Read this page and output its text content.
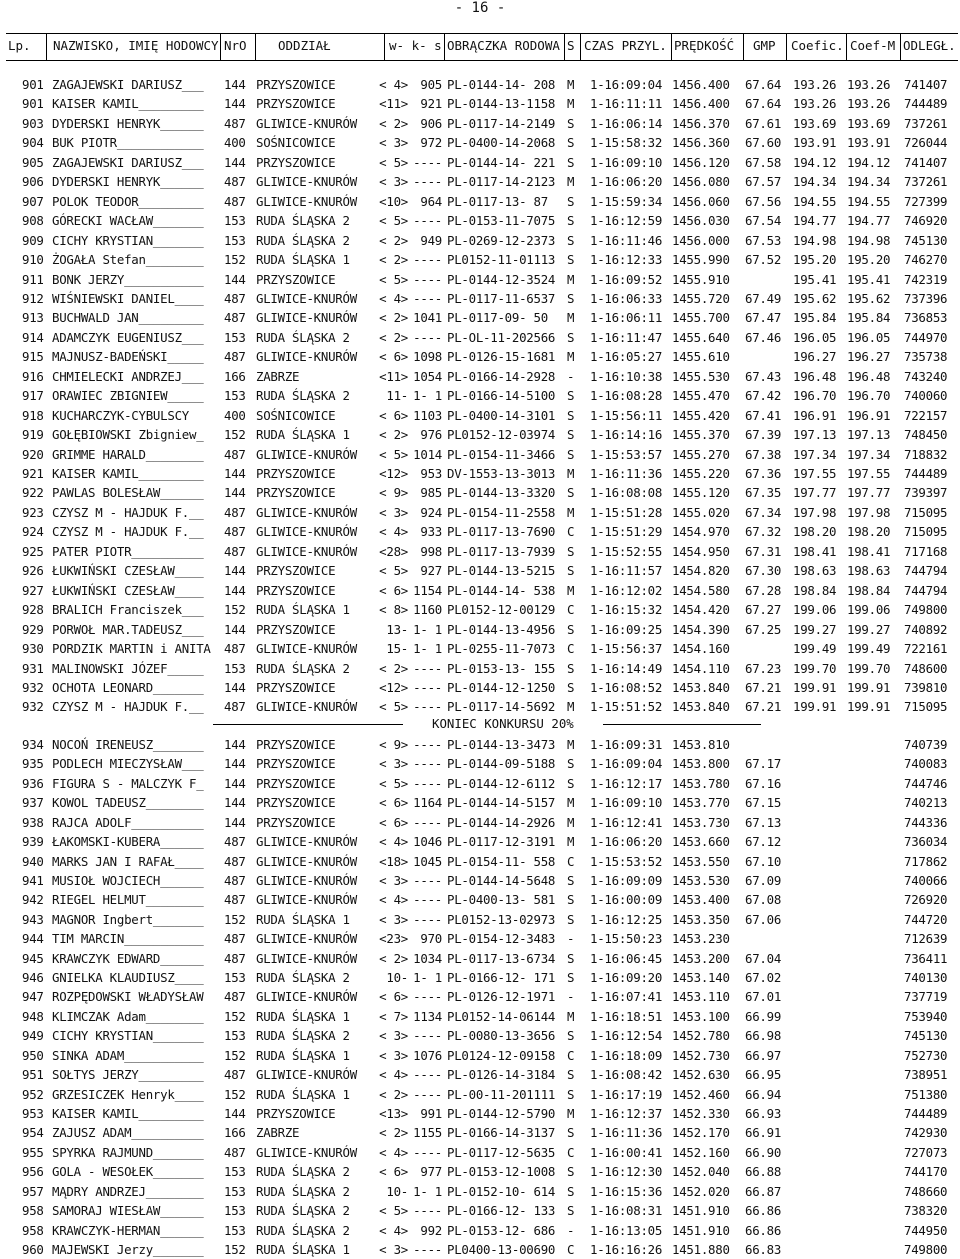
- 16 -
Lp. NAZWISKO, IMIĘ HODOWCY NrO	ODDZIAŁ	w- k- s OBRĄCZKA RODOWA S CZAS PRZYL. PRĘDKOŚĆ GMP Coefic. Coef-M ODLEGŁ.
901 ZAGAJEWSKI DARIUSZ___	144 PRZYSZOWICE	< 4> 905 PL-0144-14- 208 M	1-16:09:04 1456.400	67.64 193.26 193.26	741407
901 KAISER KAMIL_________	144 PRZYSZOWICE	<11> 921 PL-0144-13-1158 M	1-16:11:11 1456.400	67.64 193.26 193.26	744489
903 DYDERSKI HENRYK______	487 GLIWICE-KNURÓW	< 2> 906 PL-0117-14-2149 S	1-16:06:14 1456.370	67.61 193.69 193.69	737261
904 BUK PIOTR____________	400 SOŚNICOWICE	< 3> 972 PL-0400-14-2068 S	1-15:58:32 1456.360	67.60 193.91 193.91	726044
905 ZAGAJEWSKI DARIUSZ___	144 PRZYSZOWICE	< 5> ---- PL-0144-14- 221 S	1-16:09:10 1456.120	67.58 194.12 194.12	741407
906 DYDERSKI HENRYK______	487 GLIWICE-KNURÓW	< 3> ---- PL-0117-14-2123 M	1-16:06:20 1456.080	67.57 194.34 194.34	737261
907 POLOK TEODOR_________	487 GLIWICE-KNURÓW	<10> 964 PL-0117-13- 87	S	1-15:59:34 1456.060	67.56 194.55 194.55	727399
908 GÓRECKI WACŁAW_______	153 RUDA ŚLĄSKA 2	< 5> ---- PL-0153-11-7075 S	1-16:12:59 1456.030	67.54 194.77 194.77	746920
909 CICHY KRYSTIAN_______	153 RUDA ŚLĄSKA 2	< 2> 949 PL-0269-12-2373 S	1-16:11:46 1456.000	67.53 194.98 194.98	745130
910 ŻOGAŁA Stefan________	152 RUDA ŚLĄSKA 1	< 2> ---- PL0152-11-01113 S	1-16:12:33 1455.990	67.52 195.20 195.20	746270
911 BONK JERZY___________	144 PRZYSZOWICE	< 5> ---- PL-0144-12-3524 M	1-16:09:52 1455.910	195.41 195.41	742319
912 WIŚNIEWSKI DANIEL____	487 GLIWICE-KNURÓW	< 4> ---- PL-0117-11-6537 S	1-16:06:33 1455.720	67.49 195.62 195.62	737396
913 BUCHWALD JAN_________	487 GLIWICE-KNURÓW	< 2> 1041 PL-0117-09- 50	M	1-16:06:11 1455.700	67.47 195.84 195.84	736853
914 ADAMCZYK EUGENIUSZ___	153 RUDA ŚLĄSKA 2	< 2> ---- PL-OL-11-202566 S	1-16:11:47 1455.640	67.46 196.05 196.05	744970
915 MAJNUSZ-BADEŃSKI_____	487 GLIWICE-KNURÓW	< 6> 1098 PL-0126-15-1681 M	1-16:05:27 1455.610	196.27 196.27	735738
916 CHMIELECKI ANDRZEJ___	166 ZABRZE	<11> 1054 PL-0166-14-2928 -	1-16:10:38 1455.530	67.43 196.48 196.48	743240
917 ORAWIEC ZBIGNIEW_____	153 RUDA ŚLĄSKA 2	11- 1- 1 PL-0166-14-5100 S	1-16:08:28 1455.470	67.42 196.70 196.70	740060
918 KUCHARCZYK-CYBULSCY	400 SOŚNICOWICE	< 6> 1103 PL-0400-14-3101 S	1-15:56:11 1455.420	67.41 196.91 196.91	722157
919 GOŁĘBIOWSKI Zbigniew_	152 RUDA ŚLĄSKA 1	< 2> 976 PL0152-12-03974 S	1-16:14:16 1455.370	67.39 197.13 197.13	748450
920 GRIMME HARALD________	487 GLIWICE-KNURÓW	< 5> 1014 PL-0154-11-3466 S	1-15:53:57 1455.270	67.38 197.34 197.34	718832
921 KAISER KAMIL_________	144 PRZYSZOWICE	<12> 953 DV-1553-13-3013 M	1-16:11:36 1455.220	67.36 197.55 197.55	744489
922 PAWLAS BOLESŁAW______	144 PRZYSZOWICE	< 9> 985 PL-0144-13-3320 S	1-16:08:08 1455.120	67.35 197.77 197.77	739397
923 CZYSZ M - HAJDUK F.__	487 GLIWICE-KNURÓW	< 3> 924 PL-0154-11-2558 M	1-15:51:28 1455.020	67.34 197.98 197.98	715095
924 CZYSZ M - HAJDUK F.__	487 GLIWICE-KNURÓW	< 4> 933 PL-0117-13-7690 C	1-15:51:29 1454.970	67.32 198.20 198.20	715095
925 PATER PIOTR__________	487 GLIWICE-KNURÓW	<28> 998 PL-0117-13-7939 S	1-15:52:55 1454.950	67.31 198.41 198.41	717168
926 ŁUKWIŃSKI CZESŁAW____	144 PRZYSZOWICE	< 5> 927 PL-0144-13-5215 S	1-16:11:57 1454.820	67.30 198.63 198.63	744794
927 ŁUKWIŃSKI CZESŁAW____	144 PRZYSZOWICE	< 6> 1154 PL-0144-14- 538 M	1-16:12:02 1454.580	67.28 198.84 198.84	744794
928 BRALICH Franciszek___	152 RUDA ŚLĄSKA 1	< 8> 1160 PL0152-12-00129 C	1-16:15:32 1454.420	67.27 199.06 199.06	749800
929 PORWOŁ MAR.TADEUSZ___	144 PRZYSZOWICE	13- 1- 1 PL-0144-13-4956 S	1-16:09:25 1454.390	67.25 199.27 199.27	740892
930 PORDZIK MARTIN i ANITA	487 GLIWICE-KNURÓW	15- 1- 1 PL-0255-11-7073 C	1-15:56:37 1454.160	199.49 199.49	722161
931 MALINOWSKI JÓZEF_____	153 RUDA ŚLĄSKA 2	< 2> ---- PL-0153-13- 155 S	1-16:14:49 1454.110	67.23 199.70 199.70	748600
932 OCHOTA LEONARD_______	144 PRZYSZOWICE	<12> ---- PL-0144-12-1250 S	1-16:08:52 1453.840	67.21 199.91 199.91	739810
932 CZYSZ M - HAJDUK F.__	487 GLIWICE-KNURÓW	< 5> ---- PL-0117-14-5692 M	1-15:51:52 1453.840	67.21 199.91 199.91	715095
KONIEC KONKURSU 20%
934 NOCOŃ IRENEUSZ_______	144 PRZYSZOWICE	< 9> ---- PL-0144-13-3473 M	1-16:09:31 1453.810	740739
935 PODLECH MIECZYSŁAW___	144 PRZYSZOWICE	< 3> ---- PL-0144-09-5188 S	1-16:09:04 1453.800	67.17	740083
936 FIGURA S - MALCZYK F_	144 PRZYSZOWICE	< 5> ---- PL-0144-12-6112 S	1-16:12:17 1453.780	67.16	744746
937 KOWOL TADEUSZ________	144 PRZYSZOWICE	< 6> 1164 PL-0144-14-5157 M	1-16:09:10 1453.770	67.15	740213
938 RAJCA ADOLF__________	144 PRZYSZOWICE	< 6> ---- PL-0144-14-2926 M	1-16:12:41 1453.730	67.13	744336
939 ŁAKOMSKI-KUBERA______	487 GLIWICE-KNURÓW	< 4> 1046 PL-0117-12-3191 M	1-16:06:20 1453.660	67.12	736034
940 MARKS JAN I RAFAŁ____	487 GLIWICE-KNURÓW	<18> 1045 PL-0154-11- 558 C	1-15:53:52 1453.550	67.10	717862
941 MUSIOŁ WOJCIECH______	487 GLIWICE-KNURÓW	< 3> ---- PL-0144-14-5648 S	1-16:09:09 1453.530	67.09	740066
942 RIEGEL HELMUT________	487 GLIWICE-KNURÓW	< 4> ---- PL-0400-13- 581 S	1-16:00:09 1453.400	67.08	726920
943 MAGNOR Ingbert_______	152 RUDA ŚLĄSKA 1	< 3> ---- PL0152-13-02973 S	1-16:12:25 1453.350	67.06	744720
944 TIM MARCIN___________	487 GLIWICE-KNURÓW	<23> 970 PL-0154-12-3483 -	1-15:50:23 1453.230	712639
945 KRAWCZYK EDWARD______	487 GLIWICE-KNURÓW	< 2> 1034 PL-0117-13-6734 S	1-16:06:45 1453.200	67.04	736411
946 GNIELKA KLAUDIUSZ____	153 RUDA ŚLĄSKA 2	10- 1- 1 PL-0166-12- 171 S	1-16:09:20 1453.140	67.02	740130
947 ROZPĘDOWSKI WŁADYSŁAW	487 GLIWICE-KNURÓW	< 6> ---- PL-0126-12-1971 -	1-16:07:41 1453.110	67.01	737719
948 KLIMCZAK Adam________	152 RUDA ŚLĄSKA 1	< 7> 1134 PL0152-14-06144 M	1-16:18:51 1453.100	66.99	753940
949 CICHY KRYSTIAN_______	153 RUDA ŚLĄSKA 2	< 3> ---- PL-0080-13-3656 S	1-16:12:54 1452.780	66.98	745130
950 SINKA ADAM___________	152 RUDA ŚLĄSKA 1	< 3> 1076 PL0124-12-09158 C	1-16:18:09 1452.730	66.97	752730
951 SOŁTYS JERZY_________	487 GLIWICE-KNURÓW	< 4> ---- PL-0126-14-3184 S	1-16:08:42 1452.630	66.95	738951
952 GRZESICZEK Henryk____	152 RUDA ŚLĄSKA 1	< 2> ---- PL-00-11-201111 S	1-16:17:19 1452.460	66.94	751380
953 KAISER KAMIL_________	144 PRZYSZOWICE	<13> 991 PL-0144-12-5790 M	1-16:12:37 1452.330	66.93	744489
954 ZAJUSZ ADAM__________	166 ZABRZE	< 2> 1155 PL-0166-14-3137 S	1-16:11:36 1452.170	66.91	742930
955 SPYRKA RAJMUND_______	487 GLIWICE-KNURÓW	< 4> ---- PL-0117-12-5635 C	1-16:00:41 1452.160	66.90	727073
956 GOLA - WESOŁEK_______	153 RUDA ŚLĄSKA 2	< 6> 977 PL-0153-12-1008 S	1-16:12:30 1452.040	66.88	744170
957 MĄDRY ANDRZEJ________	153 RUDA ŚLĄSKA 2	10- 1- 1 PL-0152-10- 614 S	1-16:15:36 1452.020	66.87	748660
958 SAMORAJ WIESŁAW______	153 RUDA ŚLĄSKA 2	< 5> ---- PL-0166-12- 133 S	1-16:08:31 1451.910	66.86	738320
958 KRAWCZYK-HERMAN______	153 RUDA ŚLĄSKA 2	< 4> 992 PL-0153-12- 686 -	1-16:13:05 1451.910	66.86	744950
960 MAJEWSKI Jerzy_______	152 RUDA ŚLĄSKA 1	< 3> ---- PL0400-13-00690 C	1-16:16:26 1451.880	66.83	749800
